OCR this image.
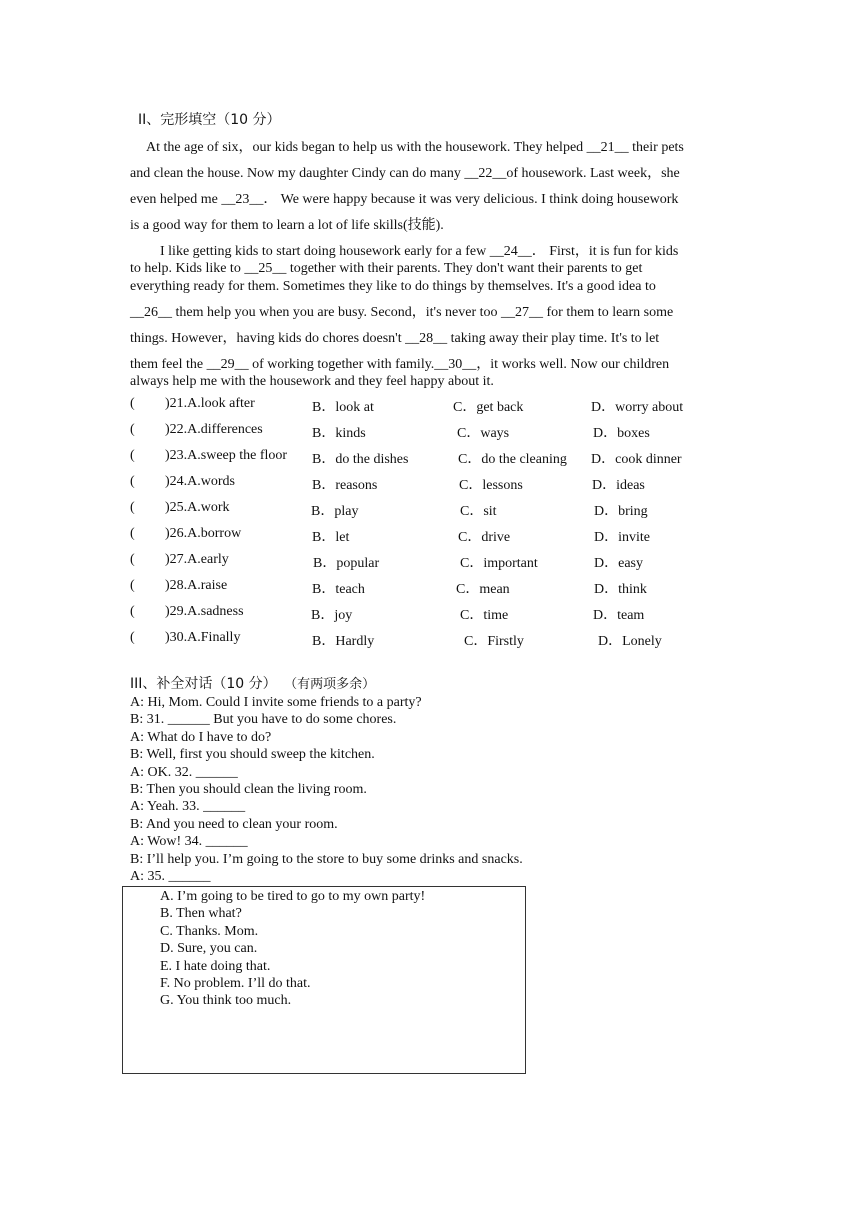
II、完形填空（10 分）
At the age of six，our kids began to help us with the housework. They helped __21__ their pets
and clean the house. Now my daughter Cindy can do many __22__of housework. Last week，she
even helped me __23__． We were happy because it was very delicious. I think doing housework
is a good way for them to learn a lot of life skills(技能).
I like getting kids to start doing housework early for a few __24__． First，it is fun for kids
to help. Kids like to __25__ together with their parents. They don't want their parents to get
everything ready for them. Sometimes they like to do things by themselves. It's a good idea to
__26__ them help you when you are busy. Second，it's never too __27__ for them to learn some
things. However，having kids do chores doesn't __28__ taking away their play time. It's to let
them feel the __29__ of working together with family.__30__，it works well. Now our children
always help me with the housework and they feel happy about it.
( )21.A.look after	B．look at	C．get back	D．worry about
( )22.A.differences	B．kinds	C．ways	D．boxes
( )23.A.sweep the floor B．do the dishes	C．do the cleaning D．cook dinner
( )24.A.words	B．reasons	C．lessons	D．ideas
( )25.A.work	B．play	C．sit	D．bring
( )26.A.borrow	B．let	C．drive	D．invite
( )27.A.early	B．popular	C．important	D．easy
( )28.A.raise	B．teach	C．mean	D．think
( )29.A.sadness	B．joy	C．time	D．team
( )30.A.Finally	B．Hardly	C．Firstly	D．Lonely
III、补全对话（10 分） （有两项多余）
A: Hi, Mom. Could I invite some friends to a party?
B: 31. ______ But you have to do some chores.
A: What do I have to do?
B: Well, first you should sweep the kitchen.
A: OK. 32. ______
B: Then you should clean the living room.
A: Yeah. 33. ______
B: And you need to clean your room.
A: Wow! 34. ______
B: I’ll help you. I’m going to the store to buy some drinks and snacks.
A: 35. ______
A. I’m going to be tired to go to my own party!
B. Then what?
C. Thanks. Mom.
D. Sure, you can.
E. I hate doing that.
F. No problem. I’ll do that.
G. You think too much.
